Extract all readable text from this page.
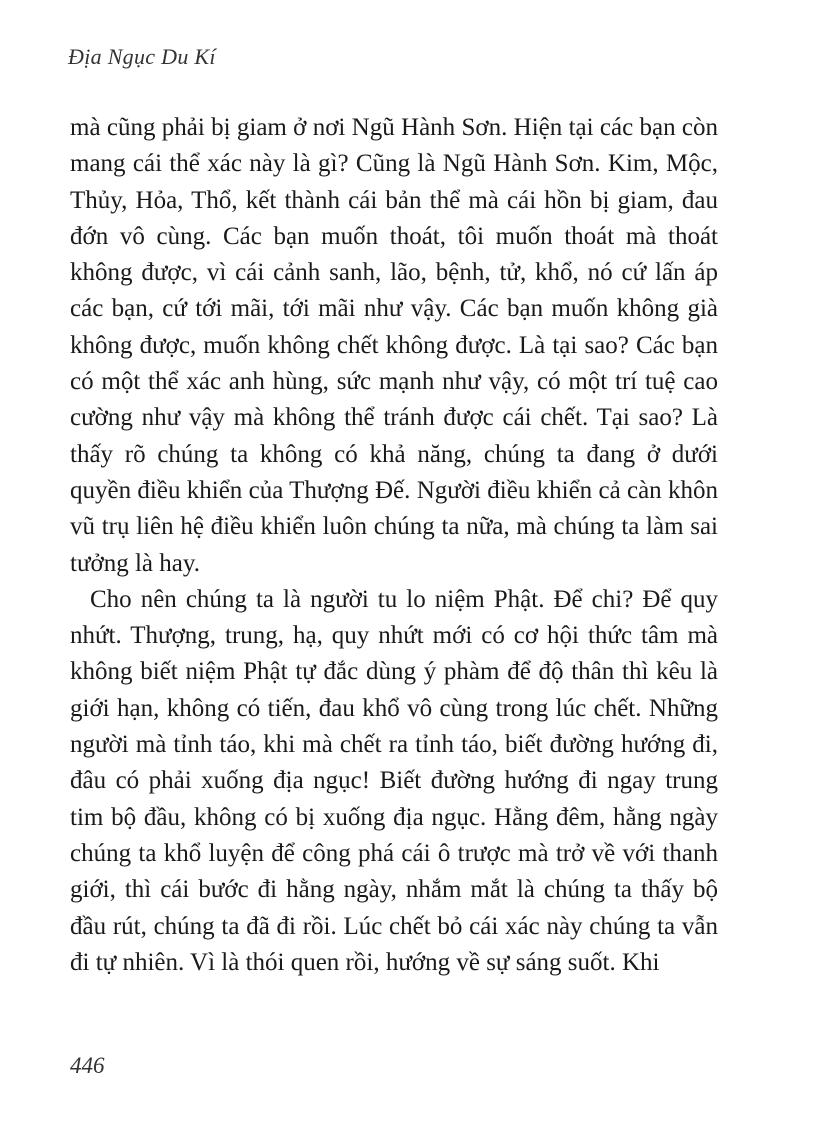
Địa Ngục Du Kí

mà cũng phải bị giam ở nơi Ngũ Hành Sơn. Hiện tại các bạn còn mang cái thể xác này là gì? Cũng là Ngũ Hành Sơn. Kim, Mộc, Thủy, Hỏa, Thổ, kết thành cái bản thể mà cái hồn bị giam, đau đớn vô cùng. Các bạn muốn thoát, tôi muốn thoát mà thoát không được, vì cái cảnh sanh, lão, bệnh, tử, khổ, nó cứ lấn áp các bạn, cứ tới mãi, tới mãi như vậy. Các bạn muốn không già không được, muốn không chết không được. Là tại sao? Các bạn có một thể xác anh hùng, sức mạnh như vậy, có một trí tuệ cao cường như vậy mà không thể tránh được cái chết. Tại sao? Là thấy rõ chúng ta không có khả năng, chúng ta đang ở dưới quyền điều khiển của Thượng Đế. Người điều khiển cả càn khôn vũ trụ liên hệ điều khiển luôn chúng ta nữa, mà chúng ta làm sai tưởng là hay.

Cho nên chúng ta là người tu lo niệm Phật. Để chi? Để quy nhứt. Thượng, trung, hạ, quy nhứt mới có cơ hội thức tâm mà không biết niệm Phật tự đắc dùng ý phàm để độ thân thì kêu là giới hạn, không có tiến, đau khổ vô cùng trong lúc chết. Những người mà tỉnh táo, khi mà chết ra tỉnh táo, biết đường hướng đi, đâu có phải xuống địa ngục! Biết đường hướng đi ngay trung tim bộ đầu, không có bị xuống địa ngục. Hằng đêm, hằng ngày chúng ta khổ luyện để công phá cái ô trược mà trở về với thanh giới, thì cái bước đi hằng ngày, nhắm mắt là chúng ta thấy bộ đầu rút, chúng ta đã đi rồi. Lúc chết bỏ cái xác này chúng ta vẫn đi tự nhiên. Vì là thói quen rồi, hướng về sự sáng suốt. Khi

446
